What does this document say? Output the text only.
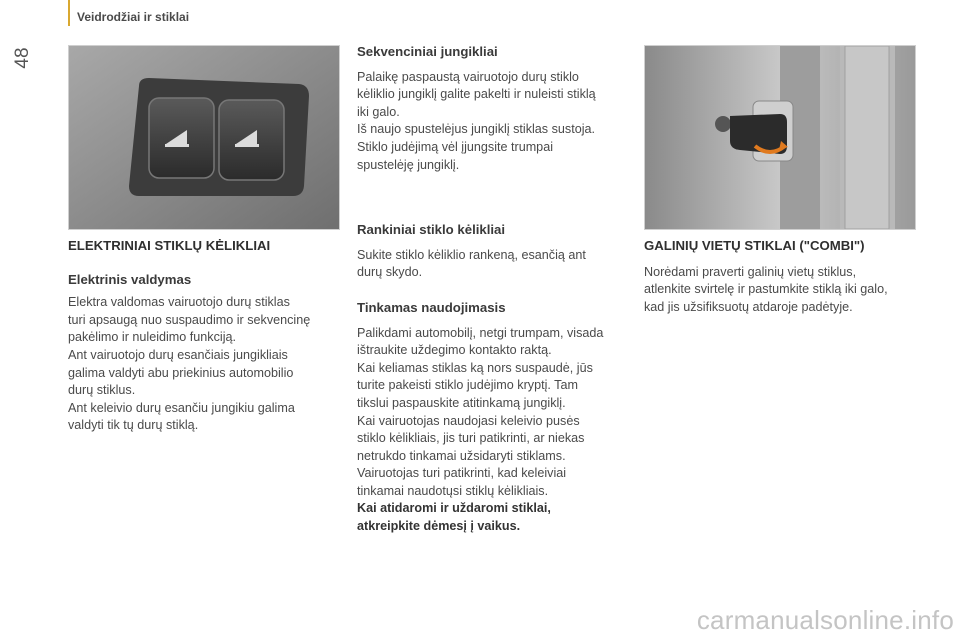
Veidrodžiai ir stiklai
48

ELEKTRINIAI STIKLŲ KĖLIKLIAI

Elektrinis valdymas

Elektra valdomas vairuotojo durų stiklas

turi apsaugą nuo suspaudimo ir sekvencinę

pakėlimo ir nuleidimo funkciją.

Ant vairuotojo durų esančiais jungikliais

galima valdyti abu priekinius automobilio

durų stiklus.

Ant keleivio durų esančiu jungikiu galima

valdyti tik tų durų stiklą.

Sekvenciniai jungikliai

Palaikę paspaustą vairuotojo durų stiklo

kėliklio jungiklį galite pakelti ir nuleisti stiklą

iki galo.

Iš naujo spustelėjus jungiklį stiklas sustoja.

Stiklo judėjimą vėl įjungsite trumpai

spustelėję jungiklį.

Rankiniai stiklo kėlikliai

Sukite stiklo kėliklio rankeną, esančią ant

durų skydo.

Tinkamas naudojimasis

Palikdami automobilį, netgi trumpam, visada

ištraukite uždegimo kontakto raktą.

Kai keliamas stiklas ką nors suspaudė, jūs

turite pakeisti stiklo judėjimo kryptį. Tam

tikslui paspauskite atitinkamą jungiklį.

Kai vairuotojas naudojasi keleivio pusės

stiklo kėlikliais, jis turi patikrinti, ar niekas

netrukdo tinkamai užsidaryti stiklams.

Vairuotojas turi patikrinti, kad keleiviai

tinkamai naudotųsi stiklų kėlikliais.

Kai atidaromi ir uždaromi stiklai,

atkreipkite dėmesį į vaikus.

GALINIŲ VIETŲ STIKLAI ("COMBI")

Norėdami praverti galinių vietų stiklus,

atlenkite svirtelę ir pastumkite stiklą iki galo,

kad jis užsifiksuotų atdaroje padėtyje.

carmanualsonline.info
